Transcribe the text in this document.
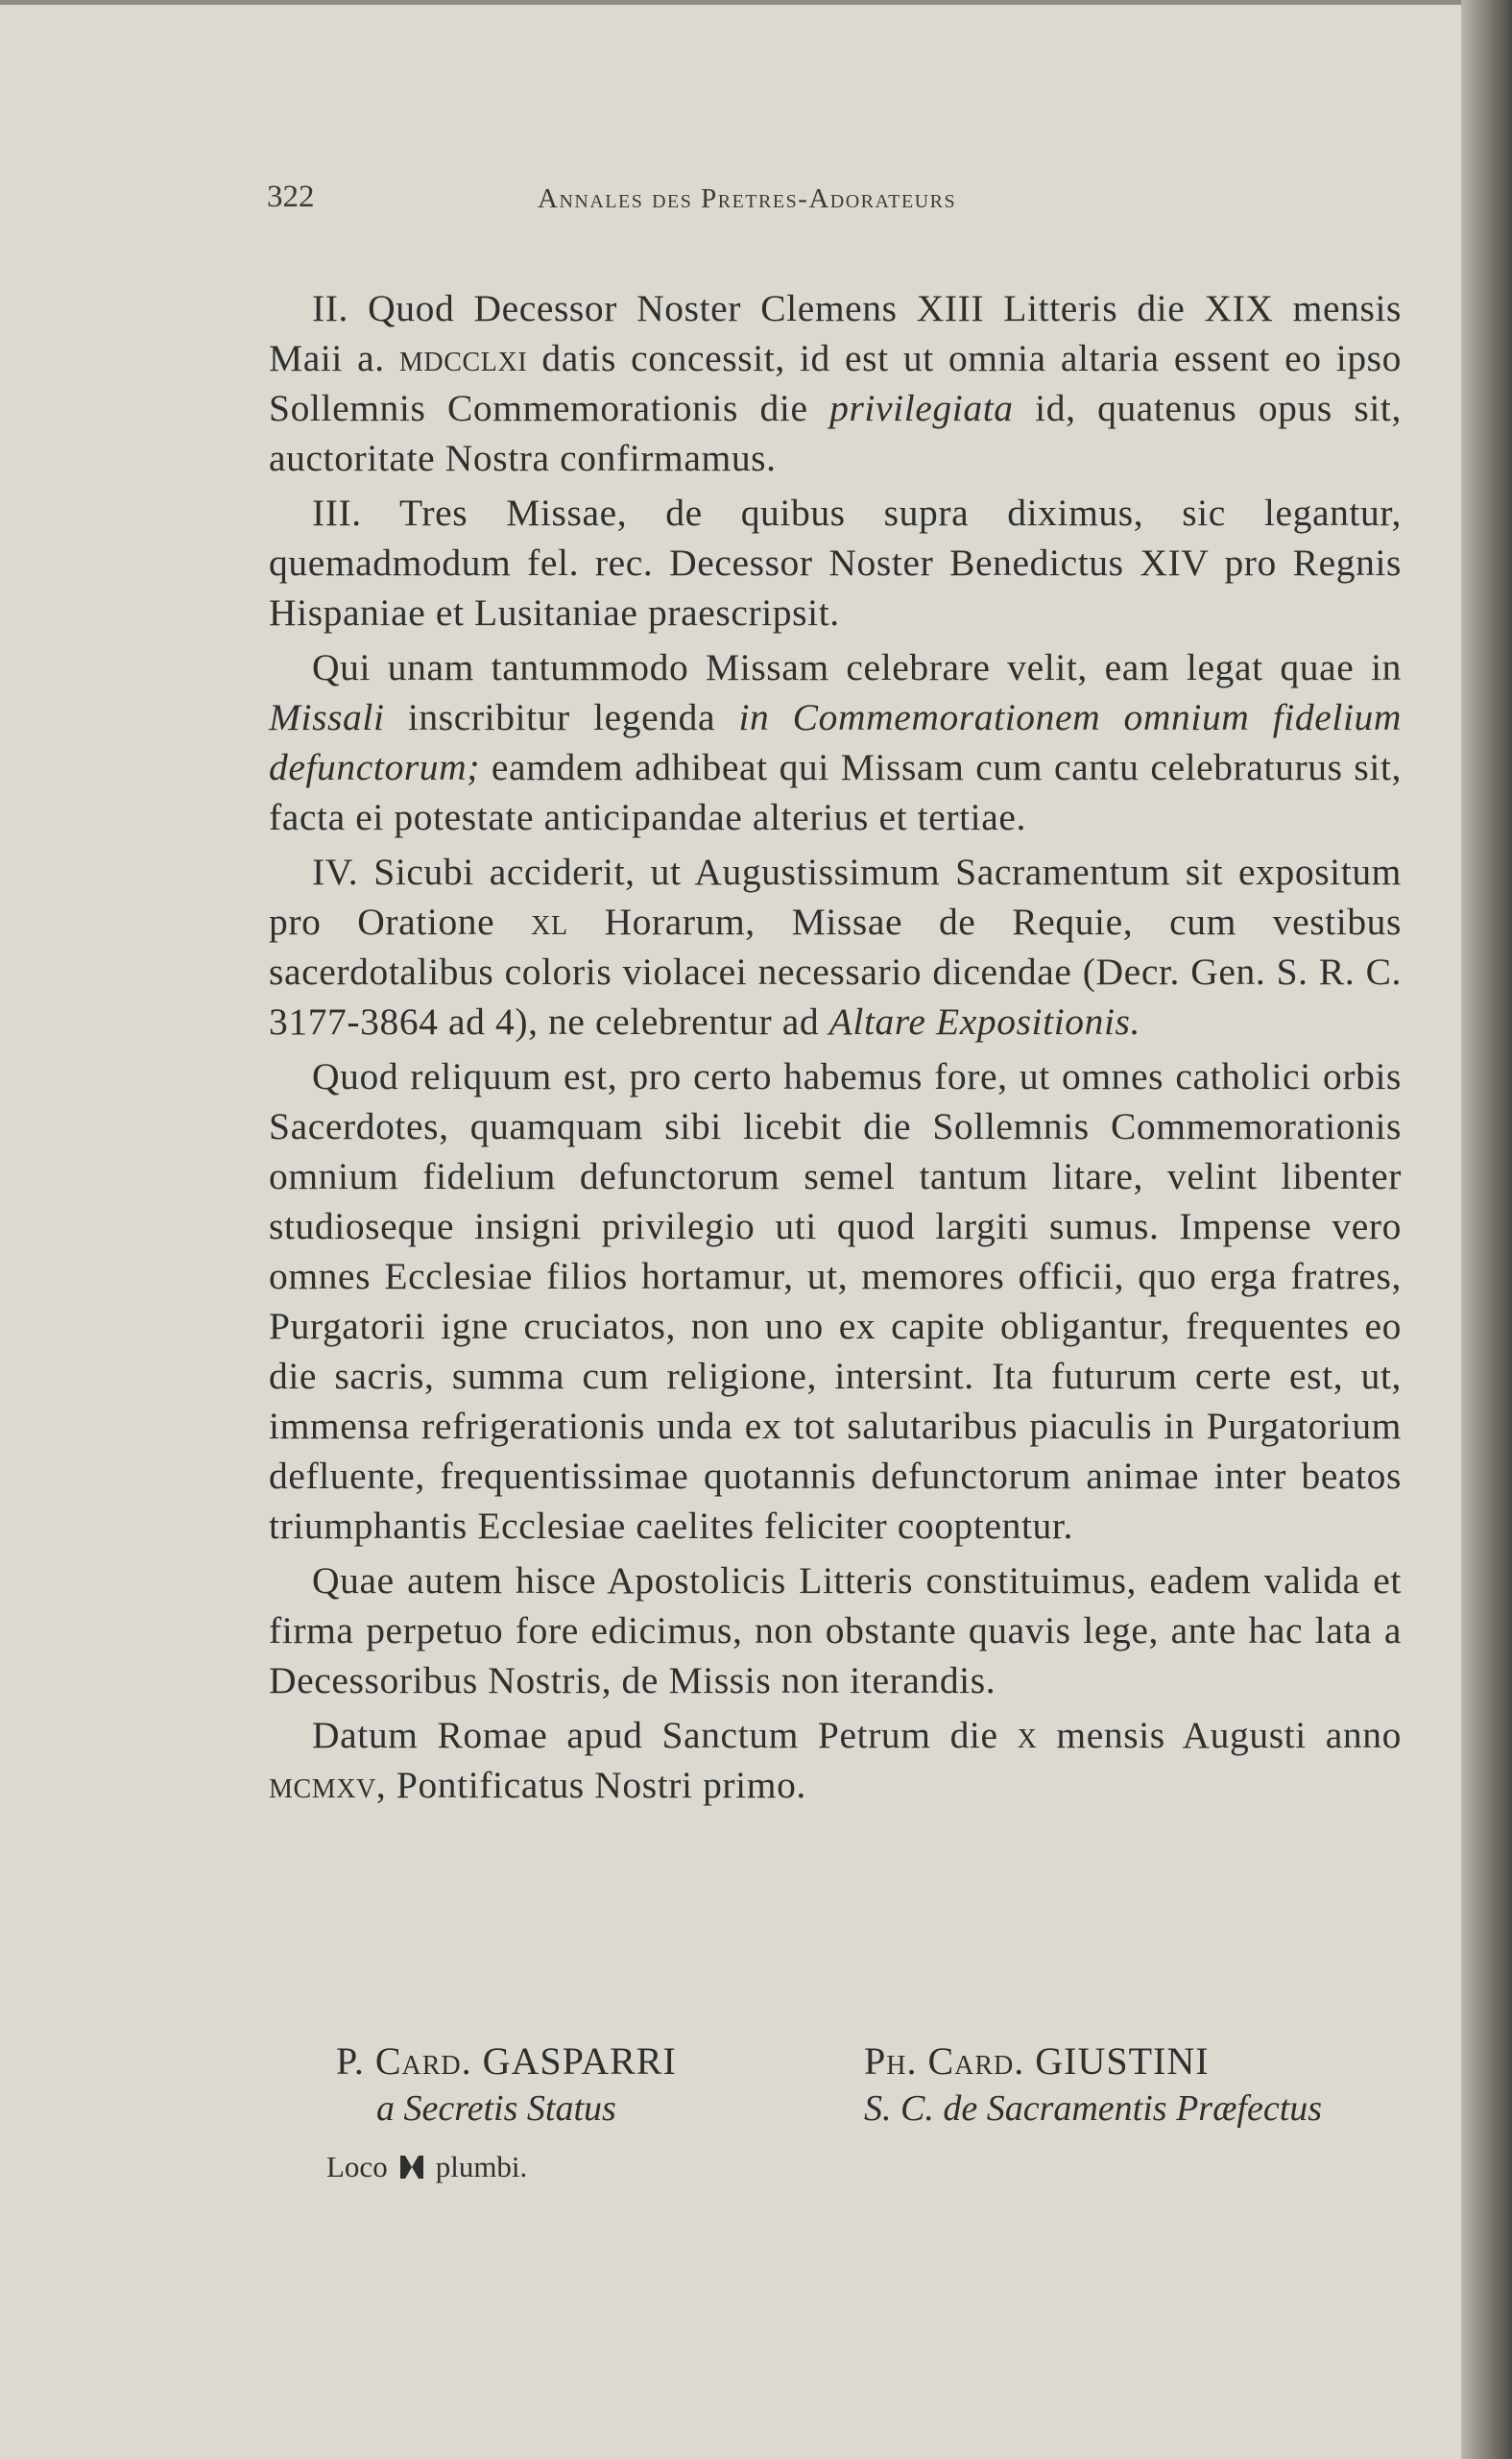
322	Annales des Pretres-Adorateurs

II. Quod Decessor Noster Clemens XIII Litteris die XIX mensis Maii a. mdcclxi datis concessit, id est ut omnia altaria essent eo ipso Sollemnis Commemorationis die privilegiata id, quatenus opus sit, auctoritate Nostra confirmamus.

III. Tres Missae, de quibus supra diximus, sic legantur, quemadmodum fel. rec. Decessor Noster Benedictus XIV pro Regnis Hispaniae et Lusitaniae praescripsit.

Qui unam tantummodo Missam celebrare velit, eam legat quae in Missali inscribitur legenda in Commemorationem omnium fidelium defunctorum; eamdem adhibeat qui Missam cum cantu celebraturus sit, facta ei potestate anticipandae alterius et tertiae.

IV. Sicubi acciderit, ut Augustissimum Sacramentum sit expositum pro Oratione xl Horarum, Missae de Requie, cum vestibus sacerdotalibus coloris violacei necessario dicendae (Decr. Gen. S. R. C. 3177-3864 ad 4), ne celebrentur ad Altare Expositionis.

Quod reliquum est, pro certo habemus fore, ut omnes catholici orbis Sacerdotes, quamquam sibi licebit die Sollemnis Commemorationis omnium fidelium defunctorum semel tantum litare, velint libenter studioseque insigni privilegio uti quod largiti sumus. Impense vero omnes Ecclesiae filios hortamur, ut, memores officii, quo erga fratres, Purgatorii igne cruciatos, non uno ex capite obligantur, frequentes eo die sacris, summa cum religione, intersint. Ita futurum certe est, ut, immensa refrigerationis unda ex tot salutaribus piaculis in Purgatorium defluente, frequentissimae quotannis defunctorum animae inter beatos triumphantis Ecclesiae caelites feliciter cooptentur.

Quae autem hisce Apostolicis Litteris constituimus, eadem valida et firma perpetuo fore edicimus, non obstante quavis lege, ante hac lata a Decessoribus Nostris, de Missis non iterandis.

Datum Romae apud Sanctum Petrum die x mensis Augusti anno mcmxv, Pontificatus Nostri primo.

P. Card. GASPARRI
a Secretis Status
Ph. Card. GIUSTINI
S. C. de Sacramentis Præfectus
Loco plumbi.
